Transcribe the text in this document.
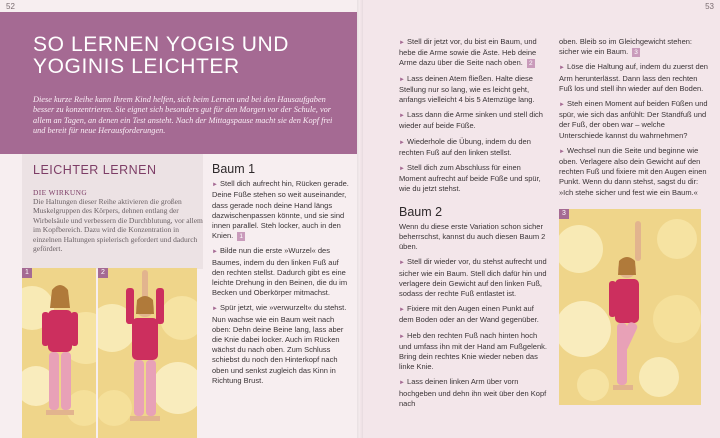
52	53
SO LERNEN YOGIS UND
YOGINIS LEICHTER

Diese kurze Reihe kann Ihrem Kind helfen, sich beim Lernen und bei den Hausaufgaben besser zu konzentrieren. Sie eignet sich besonders gut für den Morgen vor der Schule, vor allem an Tagen, an denen ein Test ansteht. Nach der Mittagspause macht sie den Kopf frei und bereit für neue Herausforderungen.

LEICHTER LERNEN
DIE WIRKUNG

Die Haltungen dieser Reihe aktivieren die großen Muskelgruppen des Körpers, dehnen entlang der Wirbelsäule und verbessern die Durchblutung, vor allem im Kopfbereich. Dazu wird die Konzentration in einzelnen Haltungen spielerisch gefordert und dadurch gefördert.

1	2
Baum 1

► Stell dich aufrecht hin, Rücken gerade. Deine Füße stehen so weit auseinander, dass gerade noch deine Hand längs dazwischenpassen könnte, und sie sind innen parallel. Steh locker, auch in den Knien. 1

► Bilde nun die erste »Wurzel« des Baumes, indem du den linken Fuß auf den rechten stellst. Dadurch gibt es eine leichte Drehung in den Beinen, die du im Becken und Oberkörper mitmachst.

► Spür jetzt, wie »verwurzelt« du stehst. Nun wachse wie ein Baum weit nach oben: Dehn deine Beine lang, lass aber die Knie dabei locker. Auch im Rücken wächst du nach oben. Zum Schluss schiebst du noch den Hinterkopf nach oben und senkst zugleich das Kinn in Richtung Brust.

► Stell dir jetzt vor, du bist ein Baum, und hebe die Arme sowie die Äste. Heb deine Arme dazu über die Seite nach oben. 2

► Lass deinen Atem fließen. Halte diese Stellung nur so lang, wie es leicht geht, anfangs vielleicht 4 bis 5 Atemzüge lang.

► Lass dann die Arme sinken und stell dich wieder auf beide Füße.

► Wiederhole die Übung, indem du den rechten Fuß auf den linken stellst.

► Stell dich zum Abschluss für einen Moment aufrecht auf beide Füße und spür, wie du jetzt stehst.

Baum 2

Wenn du diese erste Variation schon sicher beherrschst, kannst du auch diesen Baum 2 üben.

► Stell dir wieder vor, du stehst aufrecht und sicher wie ein Baum. Stell dich dafür hin und verlagere dein Gewicht auf den linken Fuß, sodass der rechte Fuß entlastet ist.

► Fixiere mit den Augen einen Punkt auf dem Boden oder an der Wand gegenüber.

► Heb den rechten Fuß nach hinten hoch und umfass ihn mit der Hand am Fußgelenk. Bring dein rechtes Knie wieder neben das linke Knie.

► Lass deinen linken Arm über vorn hochgeben und dehn ihn weit über den Kopf nach

oben. Bleib so im Gleichgewicht stehen: sicher wie ein Baum. 3

► Löse die Haltung auf, indem du zuerst den Arm herunterlässt. Dann lass den rechten Fuß los und stell ihn wieder auf den Boden.

► Steh einen Moment auf beiden Füßen und spür, wie sich das anfühlt: Der Standfuß und der Fuß, der oben war – welche Unterschiede kannst du wahrnehmen?

► Wechsel nun die Seite und beginne wie oben. Verlagere also dein Gewicht auf den rechten Fuß und fixiere mit den Augen einen Punkt. Wenn du dann stehst, sagst du dir: »Ich stehe sicher und fest wie ein Baum.«

3
